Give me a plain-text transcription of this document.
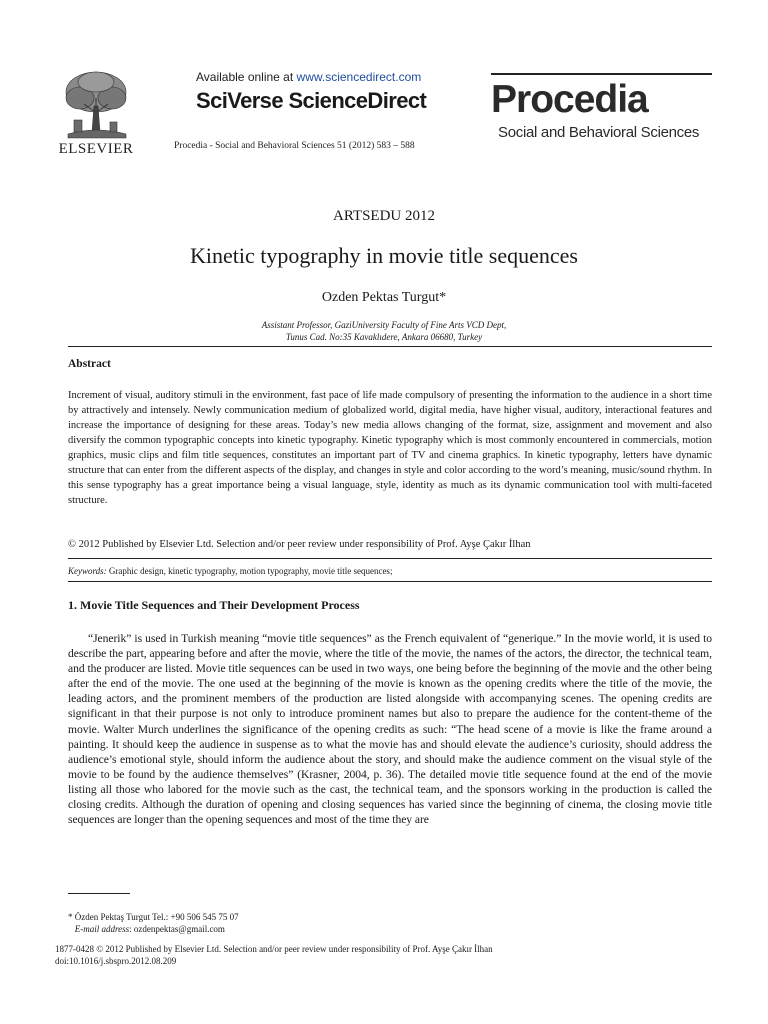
ELSEVIER
Available online at www.sciencedirect.com
SciVerse ScienceDirect
Procedia - Social and Behavioral Sciences 51 (2012) 583 – 588
Procedia
Social and Behavioral Sciences
ARTSEDU 2012
Kinetic typography in movie title sequences
Ozden Pektas Turgut*
Assistant Professor, GaziUniversity Faculty of Fine Arts VCD Dept,
Tunus Cad. No:35 Kavaklıdere, Ankara 06680, Turkey
Abstract
Increment of visual, auditory stimuli in the environment, fast pace of life made compulsory of presenting the information to the audience in a short time by attractively and intensely. Newly communication medium of globalized world, digital media, have higher visual, auditory, interactional features and increase the importance of designing for these areas. Today’s new media allows changing of the format, size, assignment and movement and also diversify the common typographic concepts into kinetic typography. Kinetic typography which is most commonly encountered in commercials, motion graphics, music clips and film title sequences, constitutes an important part of TV and cinema graphics. In kinetic typography, letters have dynamic structure that can enter from the different aspects of the display, and changes in style and color according to the word’s meaning, music/sound rhythm. In this sense typography has a great importance being a visual language, style, identity as much as its dynamic communication tool with multi-faceted structure.
© 2012 Published by Elsevier Ltd. Selection and/or peer review under responsibility of Prof. Ayşe Çakır İlhan
Keywords: Graphic design, kinetic typography, motion typography, movie title sequences;
1. Movie Title Sequences and Their Development Process
“Jenerik” is used in Turkish meaning “movie title sequences” as the French equivalent of “generique.” In the movie world, it is used to describe the part, appearing before and after the movie, where the title of the movie, the names of the actors, the director, the technical team, and the producer are listed. Movie title sequences can be used in two ways, one being before the beginning of the movie and the other being after the end of the movie. The one used at the beginning of the movie is known as the opening credits where the title of the movie, the leading actors, and the prominent members of the production are listed alongside with accompanying scenes. The opening credits are significant in that their purpose is not only to introduce prominent names but also to prepare the audience for the content-theme of the movie. Walter Murch underlines the significance of the opening credits as such: “The head scene of a movie is like the frame around a painting. It should keep the audience in suspense as to what the movie has and should elevate the audience’s curiosity, should address the audience’s emotional style, should inform the audience about the story, and should make the audience comment on the visual style of the movie to be found by the audience themselves” (Krasner, 2004, p. 36). The detailed movie title sequence found at the end of the movie listing all those who labored for the movie such as the cast, the technical team, and the sponsors working in the production is called the closing credits. Although the duration of opening and closing sequences has varied since the beginning of cinema, the closing movie title sequences are longer than the opening sequences and most of the time they are
* Özden Pektaş Turgut Tel.: +90 506 545 75 07
E-mail address: ozdenpektas@gmail.com
1877-0428 © 2012 Published by Elsevier Ltd. Selection and/or peer review under responsibility of Prof. Ayşe Çakır İlhan
doi:10.1016/j.sbspro.2012.08.209
